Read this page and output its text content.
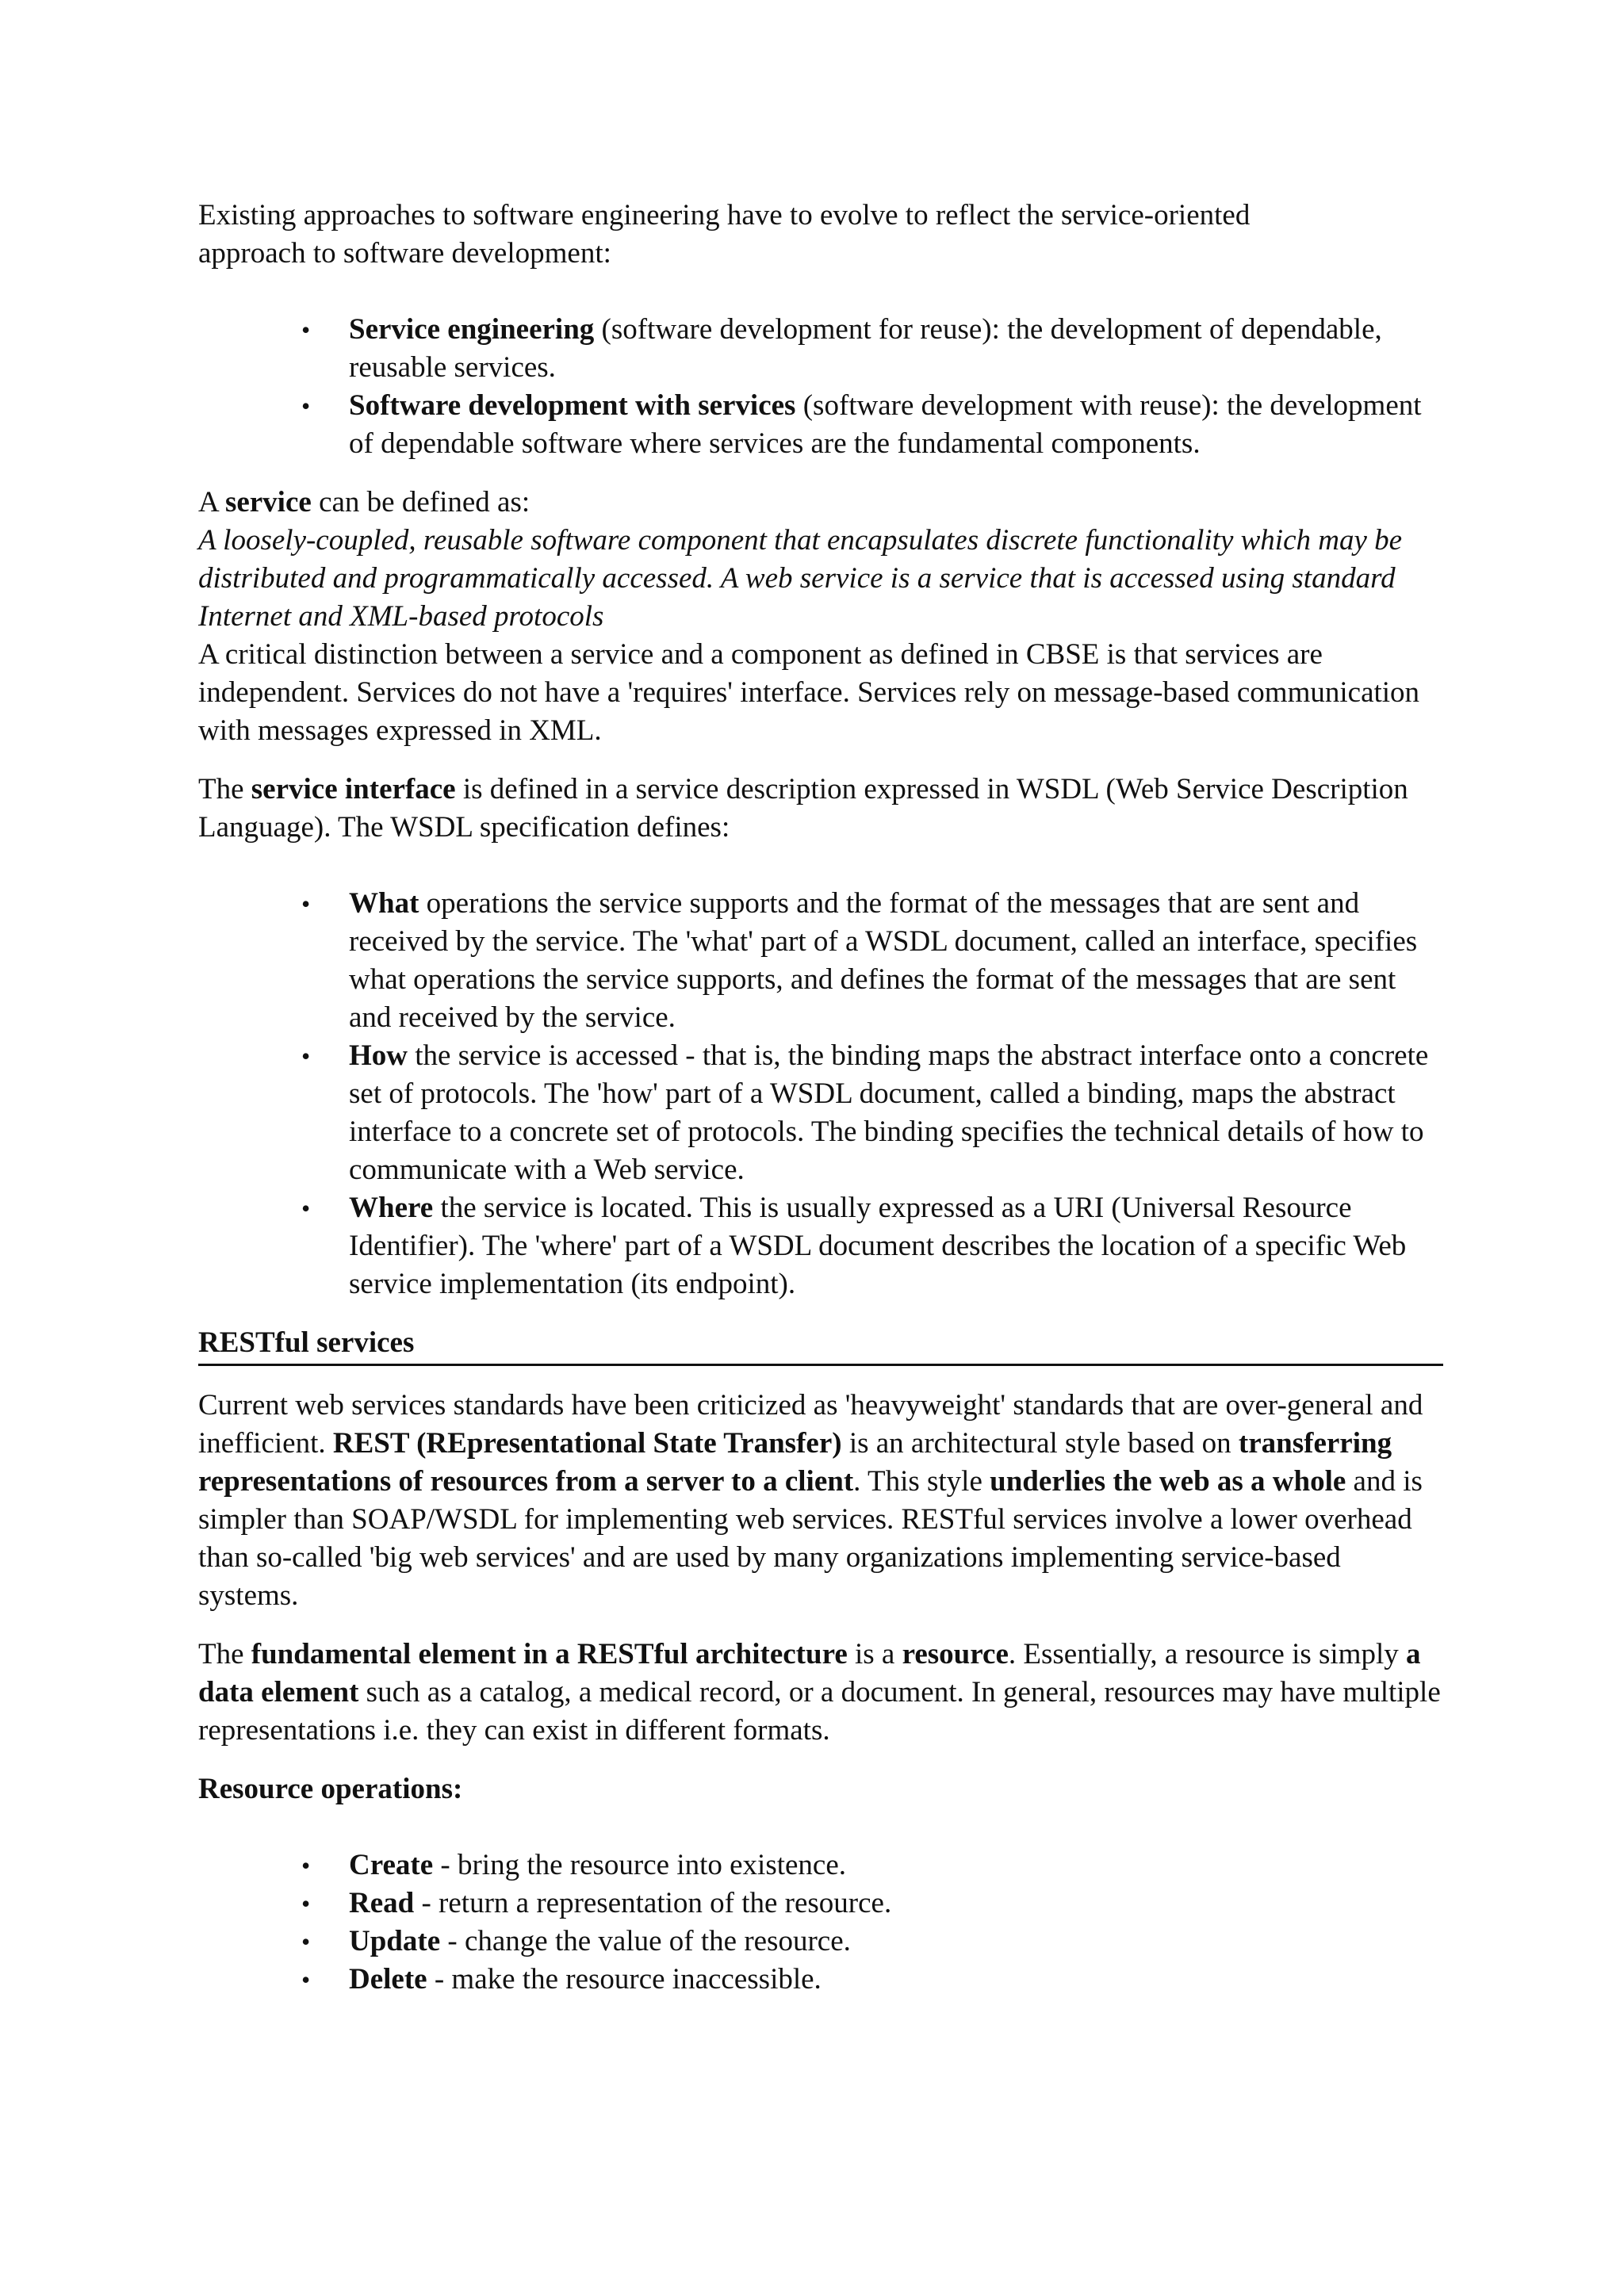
Existing approaches to software engineering have to evolve to reflect the service-oriented
approach to software development:

• Service engineering (software development for reuse): the development of dependable, reusable services.
• Software development with services (software development with reuse): the development of dependable software where services are the fundamental components.

A service can be defined as:

A loosely-coupled, reusable software component that encapsulates discrete functionality which may be distributed and programmatically accessed. A web service is a service that is accessed using standard Internet and XML-based protocols

A critical distinction between a service and a component as defined in CBSE is that services are independent. Services do not have a 'requires' interface. Services rely on message-based communication with messages expressed in XML.

The service interface is defined in a service description expressed in WSDL (Web Service Description Language). The WSDL specification defines:

• What operations the service supports and the format of the messages that are sent and received by the service. The 'what' part of a WSDL document, called an interface, specifies what operations the service supports, and defines the format of the messages that are sent and received by the service.
• How the service is accessed - that is, the binding maps the abstract interface onto a concrete set of protocols. The 'how' part of a WSDL document, called a binding, maps the abstract interface to a concrete set of protocols. The binding specifies the technical details of how to communicate with a Web service.
• Where the service is located. This is usually expressed as a URI (Universal Resource Identifier). The 'where' part of a WSDL document describes the location of a specific Web service implementation (its endpoint).
RESTful services

Current web services standards have been criticized as 'heavyweight' standards that are over-general and inefficient. REST (REpresentational State Transfer) is an architectural style based on transferring representations of resources from a server to a client. This style underlies the web as a whole and is simpler than SOAP/WSDL for implementing web services. RESTful services involve a lower overhead than so-called 'big web services' and are used by many organizations implementing service-based systems.

The fundamental element in a RESTful architecture is a resource. Essentially, a resource is simply a data element such as a catalog, a medical record, or a document. In general, resources may have multiple representations i.e. they can exist in different formats.

Resource operations:

• Create - bring the resource into existence.
• Read - return a representation of the resource.
• Update - change the value of the resource.
• Delete - make the resource inaccessible.
